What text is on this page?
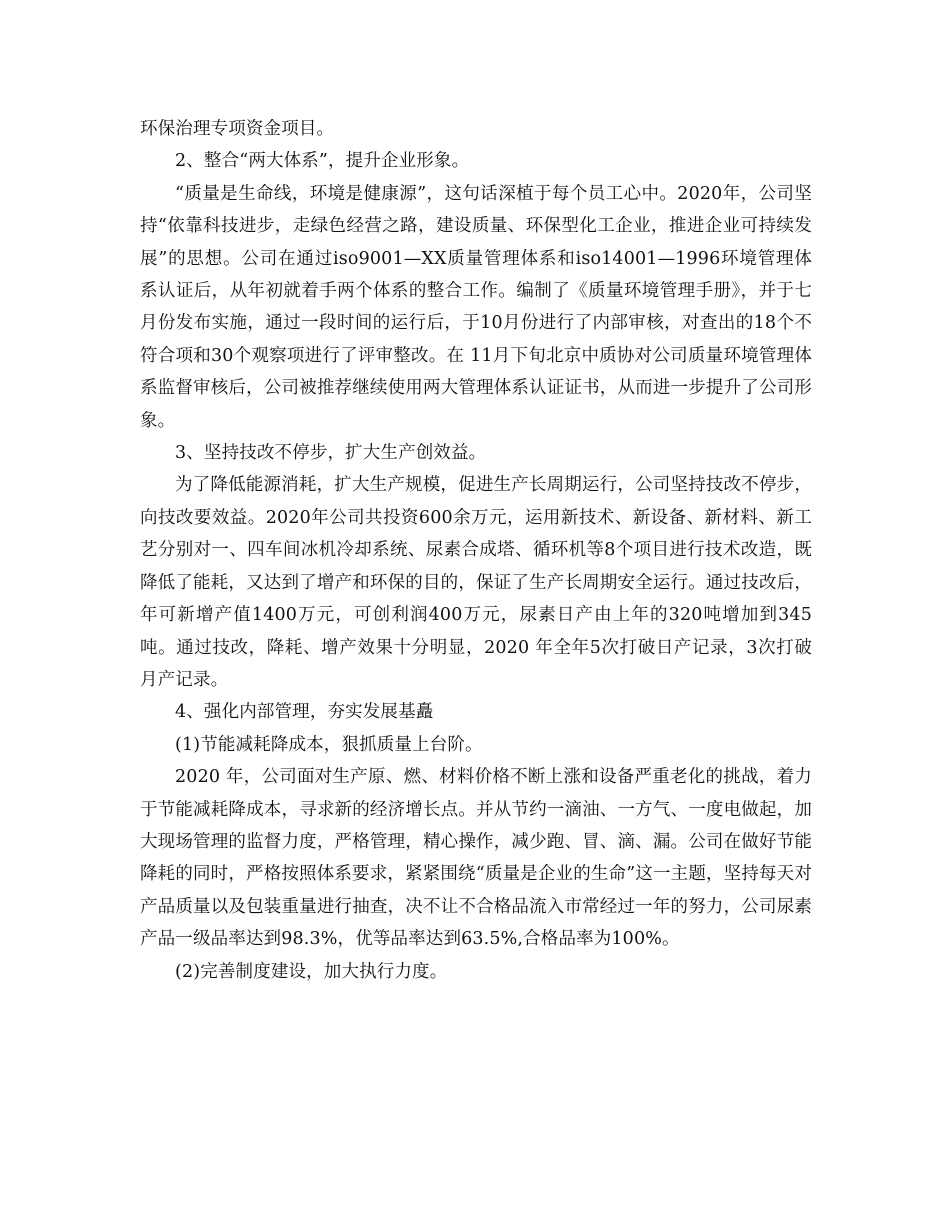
环保治理专项资金项目。

2、整合“两大体系”，提升企业形象。

“质量是生命线，环境是健康源”，这句话深植于每个员工心中。2020年，公司坚持“依靠科技进步，走绿色经营之路，建设质量、环保型化工企业，推进企业可持续发展”的思想。公司在通过iso9001—XX质量管理体系和iso14001—1996环境管理体系认证后，从年初就着手两个体系的整合工作。编制了《质量环境管理手册》，并于七月份发布实施，通过一段时间的运行后，于10月份进行了内部审核，对查出的18个不符合项和30个观察项进行了评审整改。在 11月下旬北京中质协对公司质量环境管理体系监督审核后，公司被推荐继续使用两大管理体系认证证书，从而进一步提升了公司形象。

3、坚持技改不停步，扩大生产创效益。

为了降低能源消耗，扩大生产规模，促进生产长周期运行，公司坚持技改不停步，向技改要效益。2020年公司共投资600余万元，运用新技术、新设备、新材料、新工艺分别对一、四车间冰机冷却系统、尿素合成塔、循环机等8个项目进行技术改造，既降低了能耗，又达到了增产和环保的目的，保证了生产长周期安全运行。通过技改后，年可新增产值1400万元，可创利润400万元，尿素日产由上年的320吨增加到345吨。通过技改，降耗、增产效果十分明显，2020 年全年5次打破日产记录，3次打破月产记录。

4、强化内部管理，夯实发展基矗

(1)节能减耗降成本，狠抓质量上台阶。

2020 年，公司面对生产原、燃、材料价格不断上涨和设备严重老化的挑战，着力于节能减耗降成本，寻求新的经济增长点。并从节约一滴油、一方气、一度电做起，加大现场管理的监督力度，严格管理，精心操作，减少跑、冒、滴、漏。公司在做好节能降耗的同时，严格按照体系要求，紧紧围绕“质量是企业的生命”这一主题，坚持每天对产品质量以及包装重量进行抽查，决不让不合格品流入市常经过一年的努力，公司尿素产品一级品率达到98.3%，优等品率达到63.5%,合格品率为100%。

(2)完善制度建设，加大执行力度。
